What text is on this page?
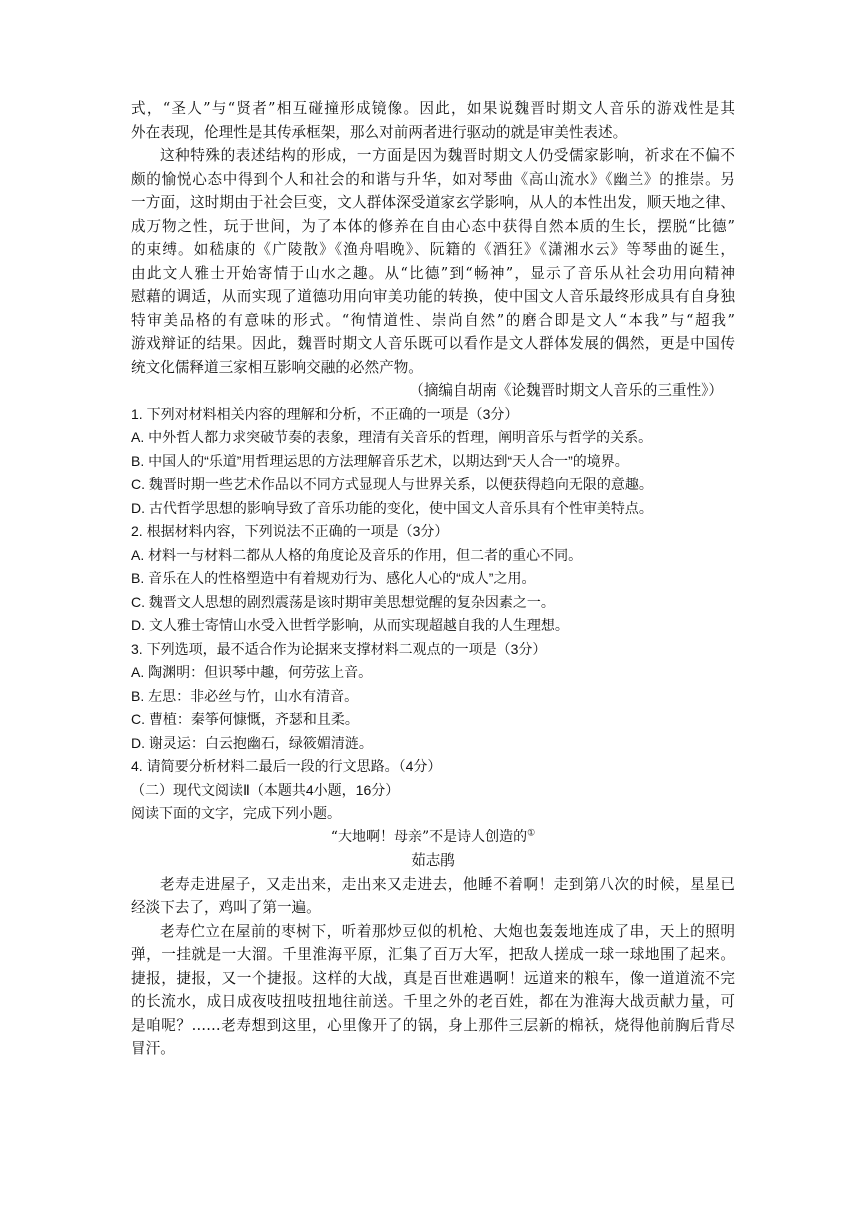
式，“圣人”与“贤者”相互碰撞形成镜像。因此，如果说魏晋时期文人音乐的游戏性是其
外在表现，伦理性是其传承框架，那么对前两者进行驱动的就是审美性表述。
这种特殊的表述结构的形成，一方面是因为魏晋时期文人仍受儒家影响，祈求在不偏不
颇的愉悦心态中得到个人和社会的和谐与升华，如对琴曲《高山流水》《幽兰》的推崇。另
一方面，这时期由于社会巨变，文人群体深受道家玄学影响，从人的本性出发，顺天地之律、
成万物之性，玩于世间，为了本体的修养在自由心态中获得自然本质的生长，摆脱“比德”
的束缚。如嵇康的《广陵散》《渔舟唱晚》、阮籍的《酒狂》《潇湘水云》等琴曲的诞生，
由此文人雅士开始寄情于山水之趣。从“比德”到“畅神”，显示了音乐从社会功用向精神
慰藉的调适，从而实现了道德功用向审美功能的转换，使中国文人音乐最终形成具有自身独
特审美品格的有意味的形式。“徇情道性、崇尚自然”的磨合即是文人“本我”与“超我”
游戏辩证的结果。因此，魏晋时期文人音乐既可以看作是文人群体发展的偶然，更是中国传
统文化儒释道三家相互影响交融的必然产物。
（摘编自胡南《论魏晋时期文人音乐的三重性》）
1. 下列对材料相关内容的理解和分析，不正确的一项是（3分）
A. 中外哲人都力求突破节奏的表象，理清有关音乐的哲理，阐明音乐与哲学的关系。
B. 中国人的“乐道”用哲理运思的方法理解音乐艺术，以期达到“天人合一”的境界。
C. 魏晋时期一些艺术作品以不同方式显现人与世界关系，以便获得趋向无限的意趣。
D. 古代哲学思想的影响导致了音乐功能的变化，使中国文人音乐具有个性审美特点。
2. 根据材料内容，下列说法不正确的一项是（3分）
A. 材料一与材料二都从人格的角度论及音乐的作用，但二者的重心不同。
B. 音乐在人的性格塑造中有着规劝行为、感化人心的“成人”之用。
C. 魏晋文人思想的剧烈震荡是该时期审美思想觉醒的复杂因素之一。
D. 文人雅士寄情山水受入世哲学影响，从而实现超越自我的人生理想。
3. 下列选项，最不适合作为论据来支撑材料二观点的一项是（3分）
A. 陶渊明：但识琴中趣，何劳弦上音。
B. 左思：非必丝与竹，山水有清音。
C. 曹植：秦筝何慷慨，齐瑟和且柔。
D. 谢灵运：白云抱幽石，绿筱媚清涟。
4. 请简要分析材料二最后一段的行文思路。（4分）
（二）现代文阅读Ⅱ（本题共4小题，16分）
阅读下面的文字，完成下列小题。
“大地啊！母亲”不是诗人创造的①
茹志鹃
老寿走进屋子，又走出来，走出来又走进去，他睡不着啊！走到第八次的时候，星星已
经淡下去了，鸡叫了第一遍。
老寿伫立在屋前的枣树下，听着那炒豆似的机枪、大炮也轰轰地连成了串，天上的照明
弹，一挂就是一大溜。千里淮海平原，汇集了百万大军，把敌人搓成一球一球地围了起来。
捷报，捷报，又一个捷报。这样的大战，真是百世难遇啊！远道来的粮车，像一道道流不完
的长流水，成日成夜吱扭吱扭地往前送。千里之外的老百姓，都在为淮海大战贡献力量，可
是咱呢？……老寿想到这里，心里像开了的锅，身上那件三层新的棉袄，烧得他前胸后背尽
冒汗。
